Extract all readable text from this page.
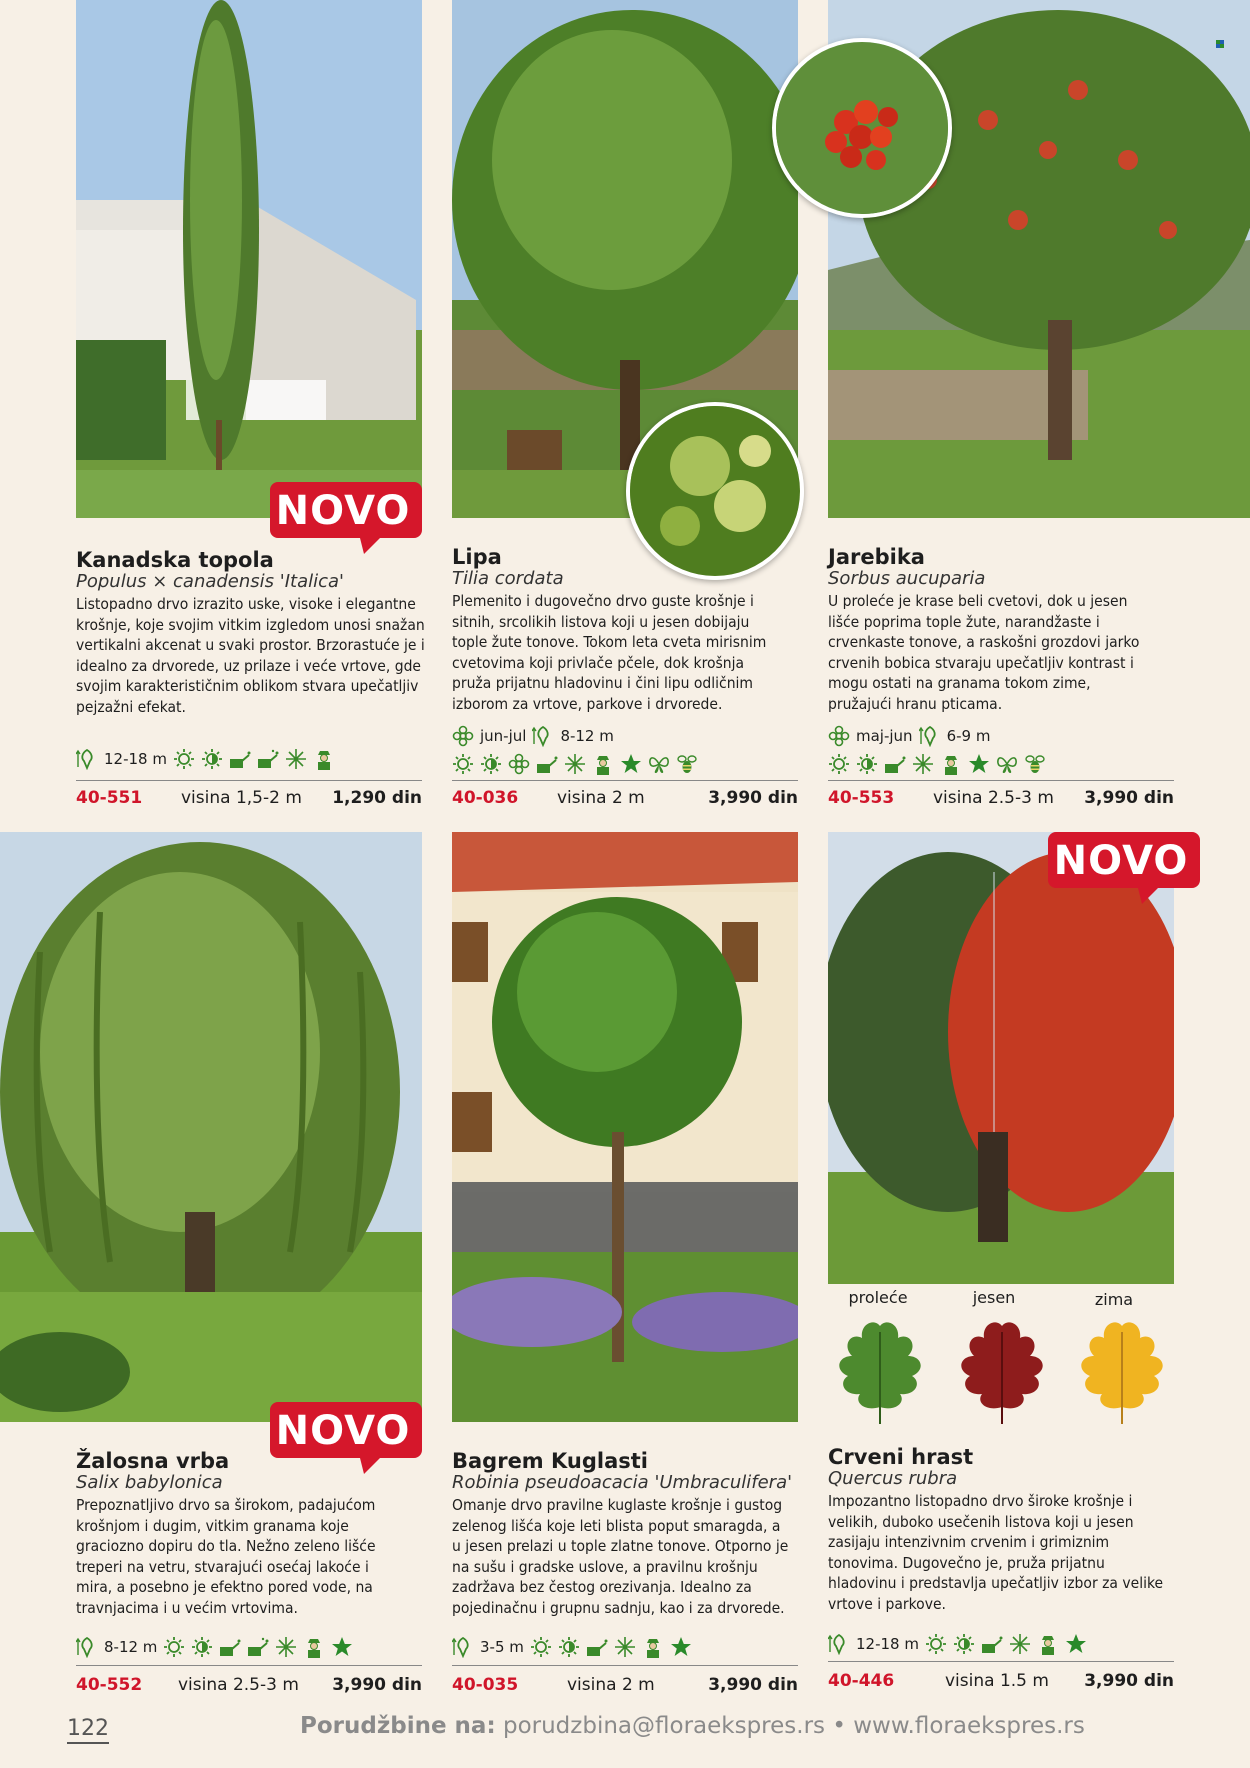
NOVO
Kanadska topola
Populus × canadensis 'Italica'
Listopadno drvo izrazito uske, visoke i elegantne krošnje, koje svojim vitkim izgledom unosi snažan vertikalni akcenat u svaki prostor. Brzorastuće je i idealno za drvorede, uz prilaze i veće vrtove, gde svojim karakterističnim oblikom stvara upečatljiv pejzažni efekat.
12-18 m
40-551 visina 1,5-2 m 1,290 din
Lipa
Tilia cordata
Plemenito i dugovečno drvo guste krošnje i sitnih, srcolikih listova koji u jesen dobijaju tople žute tonove. Tokom leta cveta mirisnim cvetovima koji privlače pčele, dok krošnja pruža prijatnu hladovinu i čini lipu odličnim izborom za vrtove, parkove i drvorede.
jun-jul 8-12 m
40-036 visina 2 m	3,990 din
Jarebika
Sorbus aucuparia
U proleće je krase beli cvetovi, dok u jesen lišće poprima tople žute, narandžaste i crvenkaste tonove, a raskošni grozdovi jarko crvenih bobica stvaraju upečatljiv kontrast i mogu ostati na granama tokom zime, pružajući hranu pticama.
maj-jun 6-9 m
40-553 visina 2.5-3 m 3,990 din
NOVO
Žalosna vrba
Salix babylonica
Prepoznatljivo drvo sa širokom, padajućom krošnjom i dugim, vitkim granama koje graciozno dopiru do tla. Nežno zeleno lišće treperi na vetru, stvarajući osećaj lakoće i mira, a posebno je efektno pored vode, na travnjacima i u većim vrtovima.
8-12 m
40-552 visina 2.5-3 m 3,990 din
Bagrem Kuglasti
Robinia pseudoacacia 'Umbraculifera'
Omanje drvo pravilne kuglaste krošnje i gustog zelenog lišća koje leti blista poput smaragda, a u jesen prelazi u tople zlatne tonove. Otporno je na sušu i gradske uslove, a pravilnu krošnju zadržava bez čestog orezivanja. Idealno za pojedinačnu i grupnu sadnju, kao i za drvorede.
3-5 m
40-035	visina 2 m	3,990 din
NOVO
proleće	jesen	zima
Crveni hrast
Quercus rubra
Impozantno listopadno drvo široke krošnje i velikih, duboko usečenih listova koji u jesen zasijaju intenzivnim crvenim i grimiznim tonovima. Dugovečno je, pruža prijatnu hladovinu i predstavlja upečatljiv izbor za velike vrtove i parkove.
12-18 m
40-446	visina 1.5 m 3,990 din
122	Porudžbine na: porudzbina@floraekspres.rs • www.floraekspres.rs
